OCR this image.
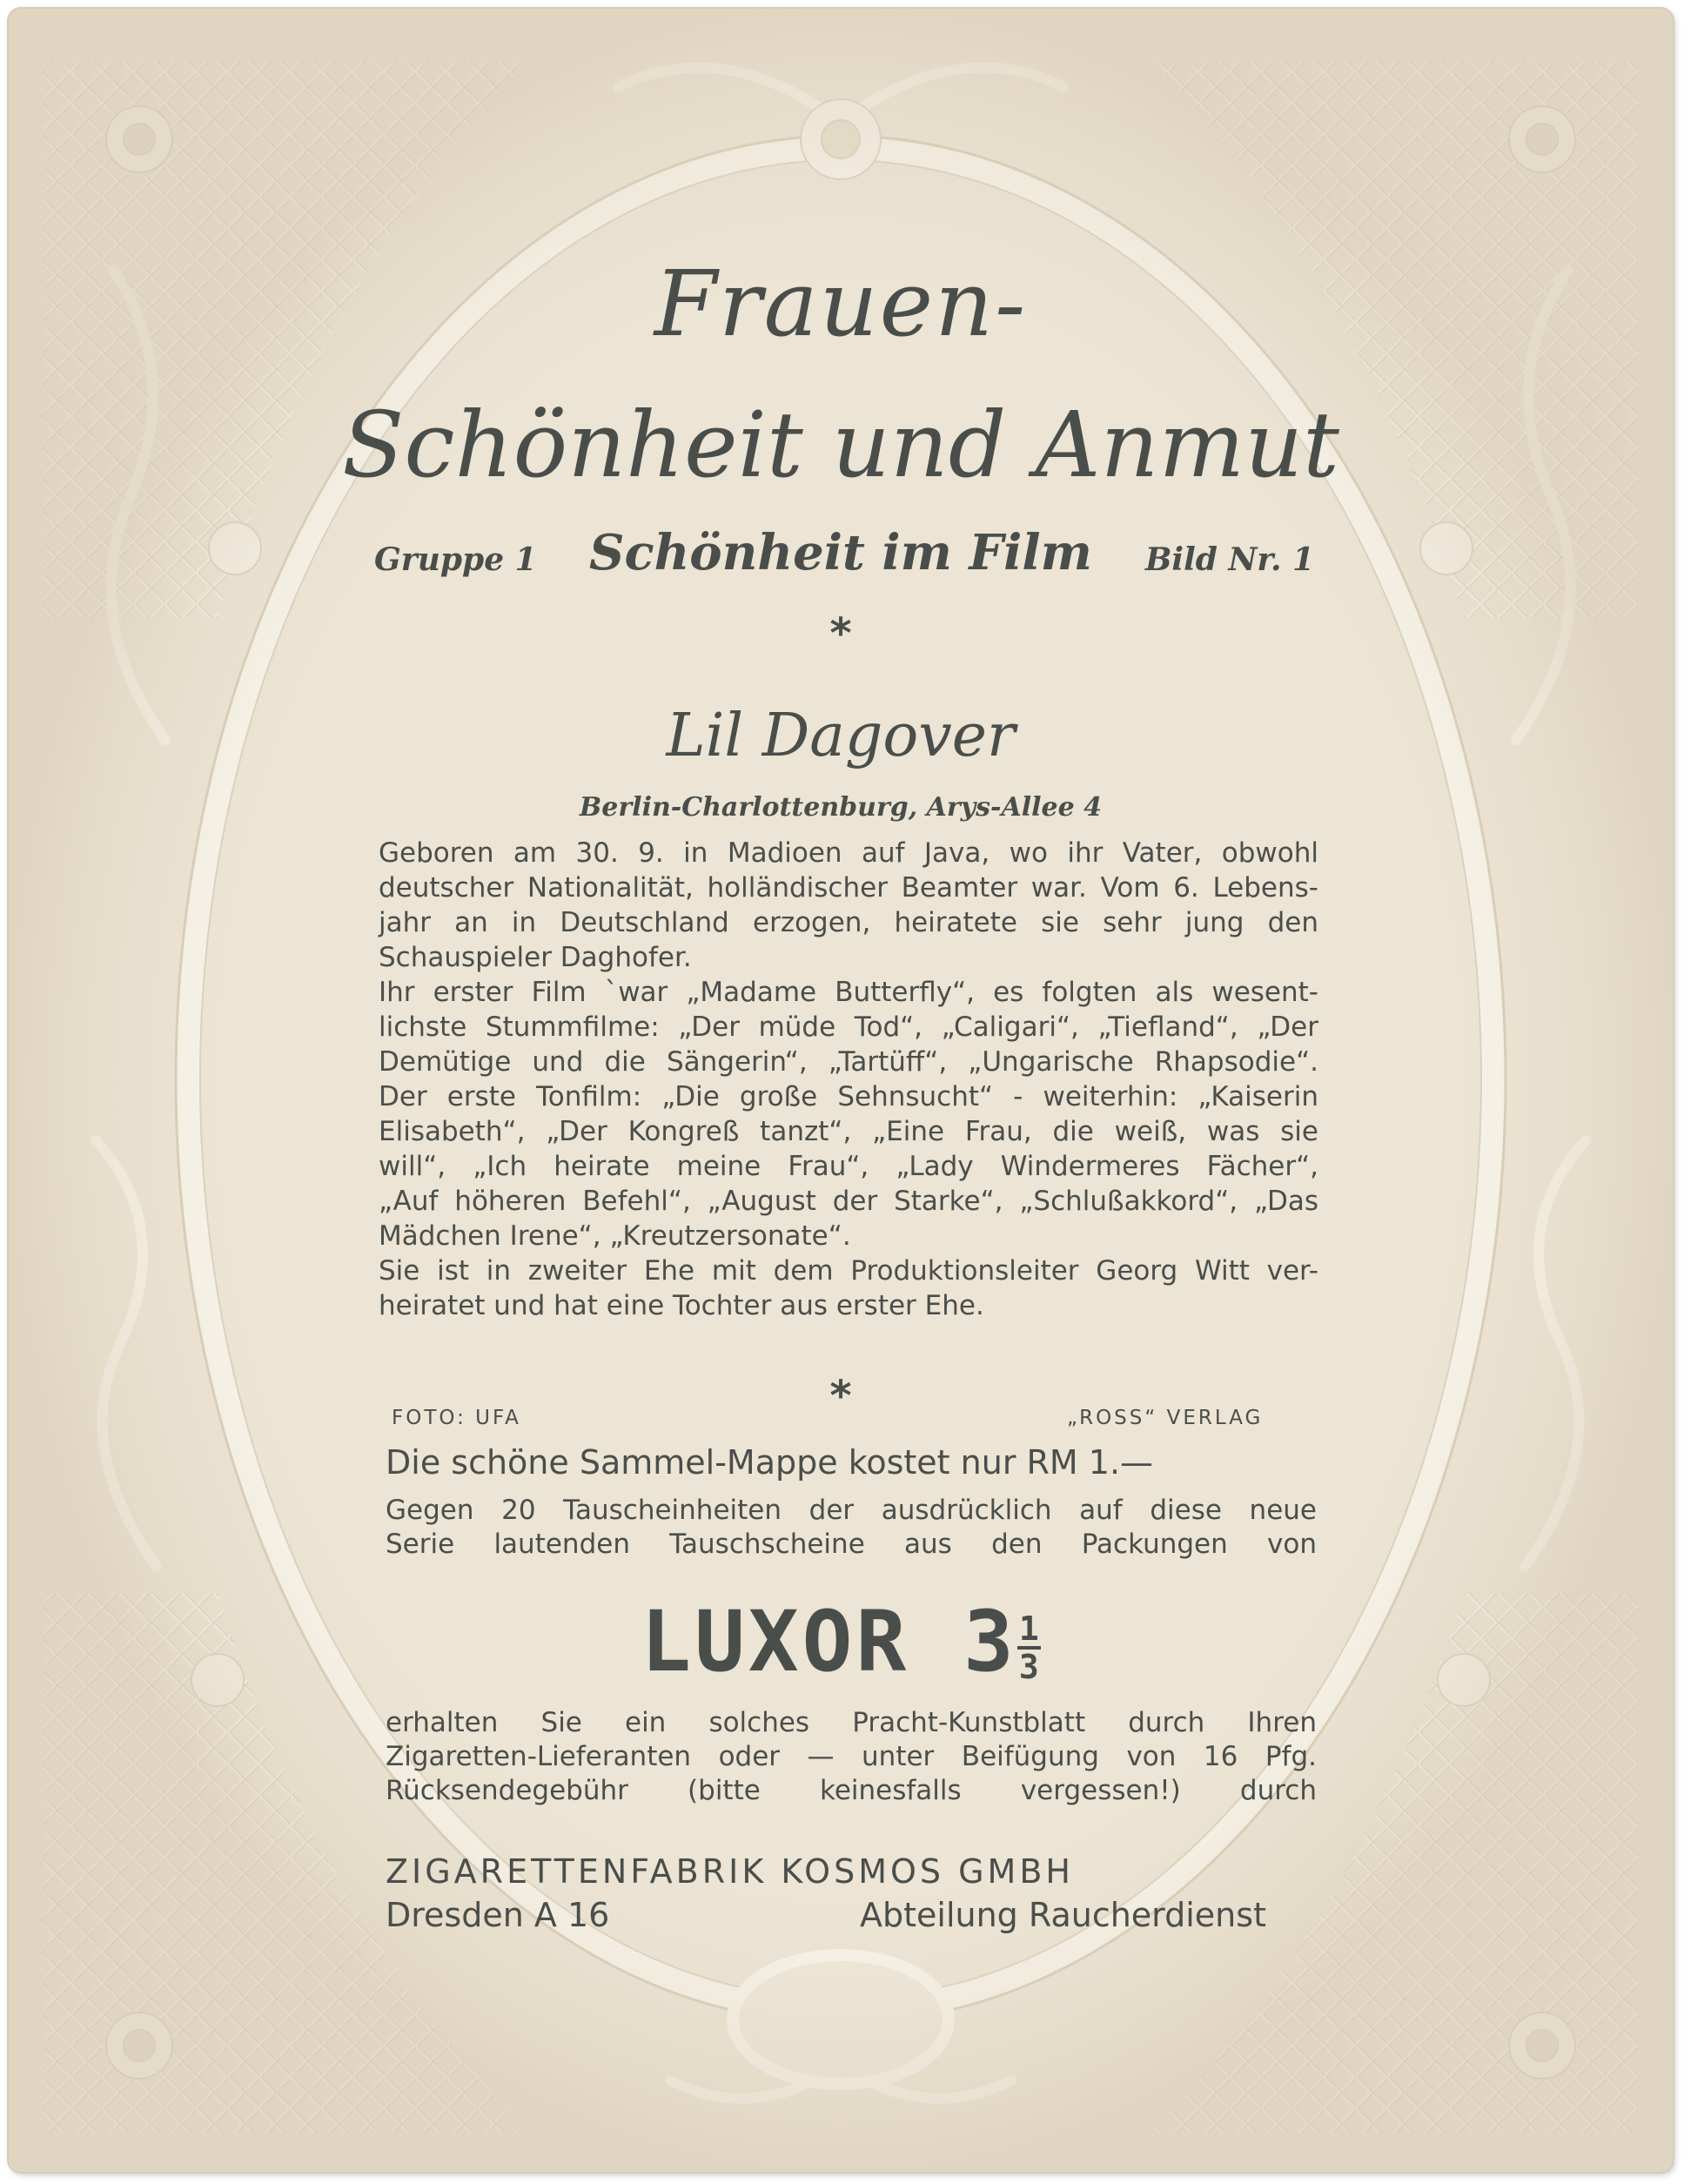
Frauen-
Schönheit und Anmut
Gruppe 1	Schönheit im Film	Bild Nr. 1
*
Lil Dagover
Berlin-Charlottenburg, Arys-Allee 4

Geboren am 30. 9. in Madioen auf Java, wo ihr Vater, obwohl

deutscher Nationalität, holländischer Beamter war. Vom 6. Lebens-

jahr an in Deutschland erzogen, heiratete sie sehr jung den

Schauspieler Daghofer.

Ihr erster Film `war „Madame Butterfly“, es folgten als wesent-

lichste Stummfilme: „Der müde Tod“, „Caligari“, „Tiefland“, „Der

Demütige und die Sängerin“, „Tartüff“, „Ungarische Rhapsodie“.

Der erste Tonfilm: „Die große Sehnsucht“ - weiterhin: „Kaiserin

Elisabeth“, „Der Kongreß tanzt“, „Eine Frau, die weiß, was sie

will“, „Ich heirate meine Frau“, „Lady Windermeres Fächer“,

„Auf höheren Befehl“, „August der Starke“, „Schlußakkord“, „Das

Mädchen Irene“, „Kreutzersonate“.

Sie ist in zweiter Ehe mit dem Produktionsleiter Georg Witt ver-

heiratet und hat eine Tochter aus erster Ehe.

*
FOTO: UFA	„ROSS“ VERLAG
Die schöne Sammel-Mappe kostet nur RM 1.—

Gegen 20 Tauscheinheiten der ausdrücklich auf diese neue

Serie lautenden Tauschscheine aus den Packungen von

LUXOR $3 \frac{1}{3}$

erhalten Sie ein solches Pracht-Kunstblatt durch Ihren

Zigaretten-Lieferanten oder — unter Beifügung von 16 Pfg.

Rücksendegebühr (bitte keinesfalls vergessen!) durch

ZIGARETTENFABRIK KOSMOS GMBH
Dresden A 16	Abteilung Raucherdienst
